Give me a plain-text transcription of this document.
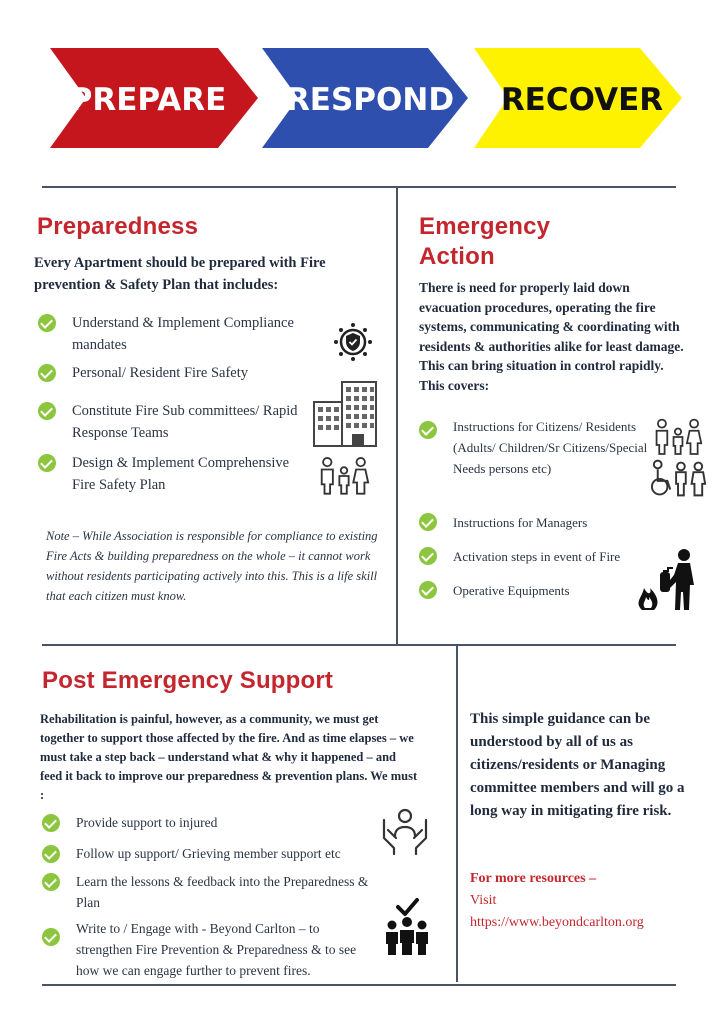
PREPARE RESPOND RECOVER
Preparedness
Every Apartment should be prepared with Fire prevention & Safety Plan that includes:
Understand & Implement Compliance mandates
Personal/ Resident Fire Safety
Constitute Fire Sub committees/ Rapid Response Teams
Design & Implement Comprehensive Fire Safety Plan
Note – While Association is responsible for compliance to existing Fire Acts & building preparedness on the whole – it cannot work without residents participating actively into this. This is a life skill that each citizen must know.
Emergency
Action
There is need for properly laid down evacuation procedures, operating the fire systems, communicating & coordinating with residents & authorities alike for least damage. This can bring situation in control rapidly. This covers:
Instructions for Citizens/ Residents (Adults/ Children/Sr Citizens/Special Needs persons etc)
Instructions for Managers
Activation steps in event of Fire
Operative Equipments
Post Emergency Support
Rehabilitation is painful, however, as a community, we must get together to support those affected by the fire. And as time elapses – we must take a step back – understand what & why it happened – and feed it back to improve our preparedness & prevention plans. We must :
Provide support to injured
Follow up support/ Grieving member support etc
Learn the lessons & feedback into the Preparedness & Plan
Write to / Engage with - Beyond Carlton – to strengthen Fire Prevention & Preparedness & to see how we can engage further to prevent fires.
This simple guidance can be understood by all of us as citizens/residents or Managing committee members and will go a long way in mitigating fire risk.
For more resources –
Visit
https://www.beyondcarlton.org
